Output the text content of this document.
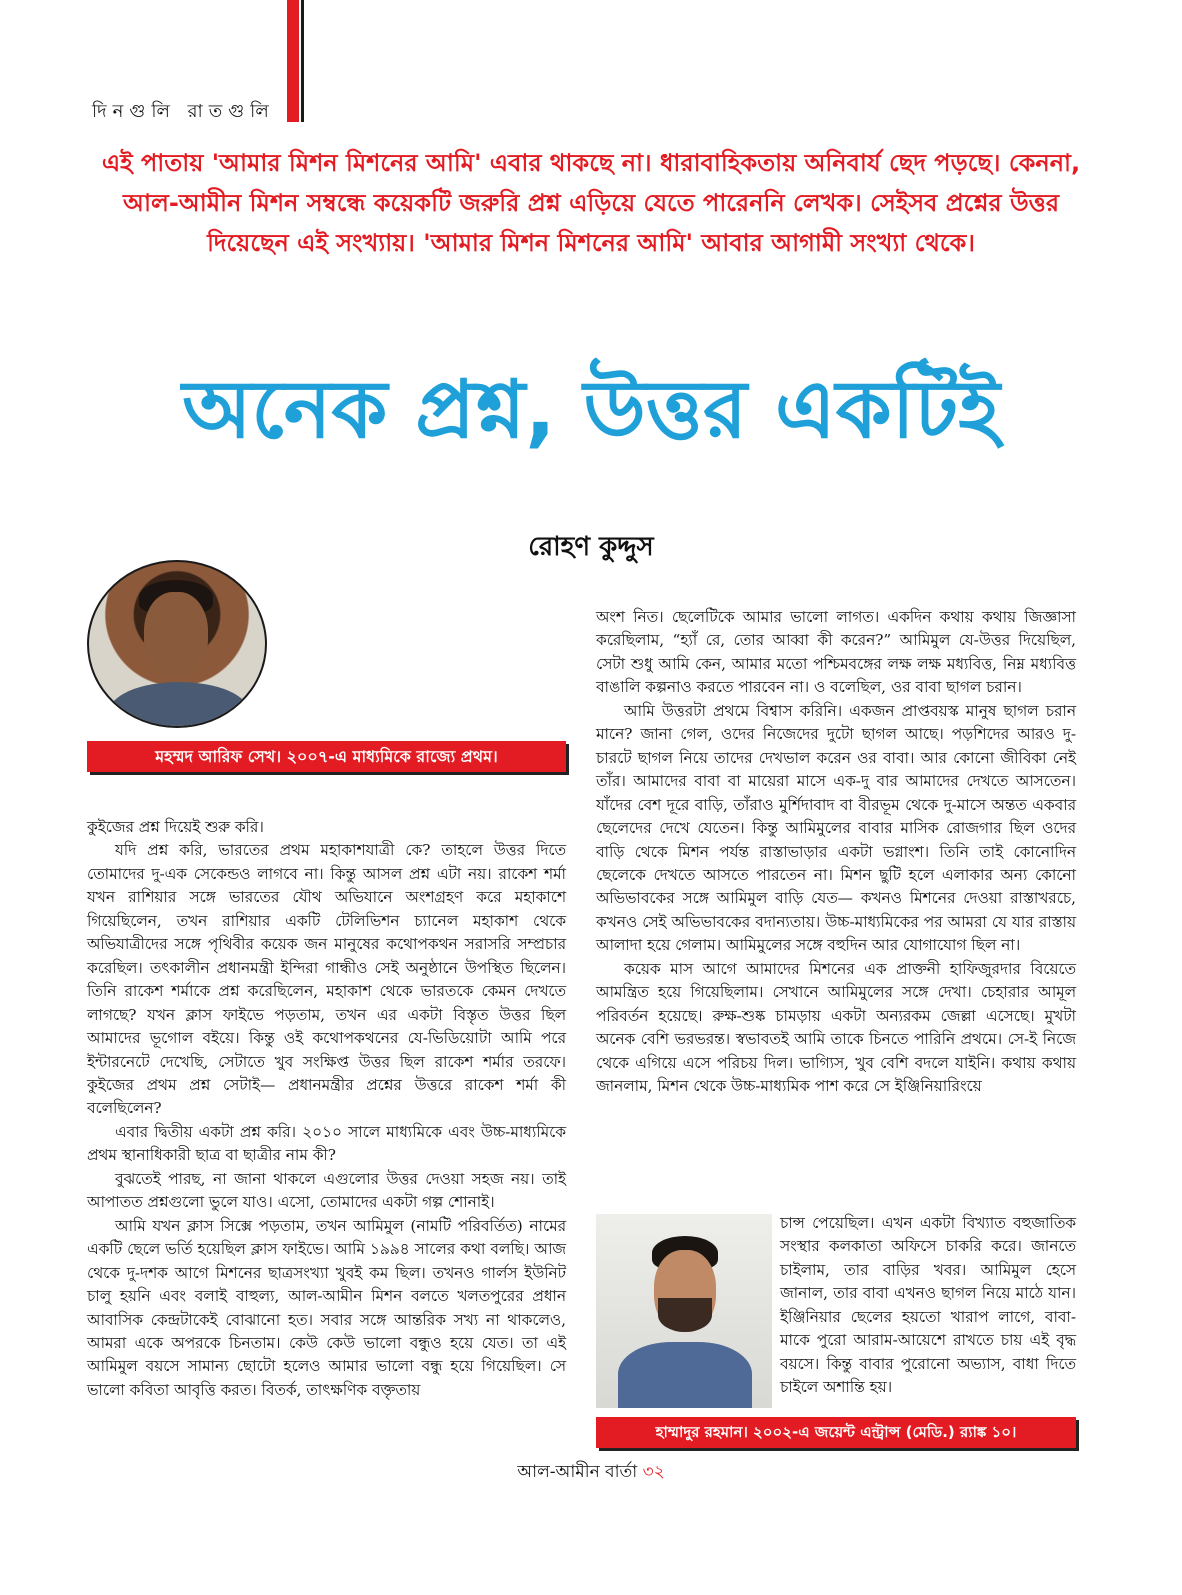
দিনগুলি রাতগুলি
এই পাতায় 'আমার মিশন মিশনের আমি' এবার থাকছে না। ধারাবাহিকতায় অনিবার্য ছেদ পড়ছে। কেননা, আল-আমীন মিশন সম্বন্ধে কয়েকটি জরুরি প্রশ্ন এড়িয়ে যেতে পারেননি লেখক। সেইসব প্রশ্নের উত্তর দিয়েছেন এই সংখ্যায়। 'আমার মিশন মিশনের আমি' আবার আগামী সংখ্যা থেকে।
অনেক প্রশ্ন, উত্তর একটিই
রোহণ কুদ্দুস
মহম্মদ আরিফ সেখ। ২০০৭-এ মাধ্যমিকে রাজ্যে প্রথম।

কুইজের প্রশ্ন দিয়েই শুরু করি।

যদি প্রশ্ন করি, ভারতের প্রথম মহাকাশযাত্রী কে? তাহলে উত্তর দিতে তোমাদের দু-এক সেকেন্ডও লাগবে না। কিন্তু আসল প্রশ্ন এটা নয়। রাকেশ শর্মা যখন রাশিয়ার সঙ্গে ভারতের যৌথ অভিযানে অংশগ্রহণ করে মহাকাশে গিয়েছিলেন, তখন রাশিয়ার একটি টেলিভিশন চ্যানেল মহাকাশ থেকে অভিযাত্রীদের সঙ্গে পৃথিবীর কয়েক জন মানুষের কথোপকথন সরাসরি সম্প্রচার করেছিল। তৎকালীন প্রধানমন্ত্রী ইন্দিরা গান্ধীও সেই অনুষ্ঠানে উপস্থিত ছিলেন। তিনি রাকেশ শর্মাকে প্রশ্ন করেছিলেন, মহাকাশ থেকে ভারতকে কেমন দেখতে লাগছে? যখন ক্লাস ফাইভে পড়তাম, তখন এর একটা বিস্তৃত উত্তর ছিল আমাদের ভূগোল বইয়ে। কিন্তু ওই কথোপকথনের যে-ভিডিয়োটা আমি পরে ইন্টারনেটে দেখেছি, সেটাতে খুব সংক্ষিপ্ত উত্তর ছিল রাকেশ শর্মার তরফে। কুইজের প্রথম প্রশ্ন সেটাই— প্রধানমন্ত্রীর প্রশ্নের উত্তরে রাকেশ শর্মা কী বলেছিলেন?

এবার দ্বিতীয় একটা প্রশ্ন করি। ২০১০ সালে মাধ্যমিকে এবং উচ্চ-মাধ্যমিকে প্রথম স্থানাধিকারী ছাত্র বা ছাত্রীর নাম কী?

বুঝতেই পারছ, না জানা থাকলে এগুলোর উত্তর দেওয়া সহজ নয়। তাই আপাতত প্রশ্নগুলো ভুলে যাও। এসো, তোমাদের একটা গল্প শোনাই।

আমি যখন ক্লাস সিক্সে পড়তাম, তখন আমিমুল (নামটি পরিবর্তিত) নামের একটি ছেলে ভর্তি হয়েছিল ক্লাস ফাইভে। আমি ১৯৯৪ সালের কথা বলছি। আজ থেকে দু-দশক আগে মিশনের ছাত্রসংখ্যা খুবই কম ছিল। তখনও গার্লস ইউনিট চালু হয়নি এবং বলাই বাহুল্য, আল-আমীন মিশন বলতে খলতপুরের প্রধান আবাসিক কেন্দ্রটাকেই বোঝানো হত। সবার সঙ্গে আন্তরিক সখ্য না থাকলেও, আমরা একে অপরকে চিনতাম। কেউ কেউ ভালো বন্ধুও হয়ে যেত। তা এই আমিমুল বয়সে সামান্য ছোটো হলেও আমার ভালো বন্ধু হয়ে গিয়েছিল। সে ভালো কবিতা আবৃত্তি করত। বিতর্ক, তাৎক্ষণিক বক্তৃতায়

অংশ নিত। ছেলেটিকে আমার ভালো লাগত। একদিন কথায় কথায় জিজ্ঞাসা করেছিলাম, “হ্যাঁ রে, তোর আব্বা কী করেন?” আমিমুল যে-উত্তর দিয়েছিল, সেটা শুধু আমি কেন, আমার মতো পশ্চিমবঙ্গের লক্ষ লক্ষ মধ্যবিত্ত, নিম্ন মধ্যবিত্ত বাঙালি কল্পনাও করতে পারবেন না। ও বলেছিল, ওর বাবা ছাগল চরান।

আমি উত্তরটা প্রথমে বিশ্বাস করিনি। একজন প্রাপ্তবয়স্ক মানুষ ছাগল চরান মানে? জানা গেল, ওদের নিজেদের দুটো ছাগল আছে। পড়শিদের আরও দু-চারটে ছাগল নিয়ে তাদের দেখভাল করেন ওর বাবা। আর কোনো জীবিকা নেই তাঁর। আমাদের বাবা বা মায়েরা মাসে এক-দু বার আমাদের দেখতে আসতেন। যাঁদের বেশ দূরে বাড়ি, তাঁরাও মুর্শিদাবাদ বা বীরভূম থেকে দু-মাসে অন্তত একবার ছেলেদের দেখে যেতেন। কিন্তু আমিমুলের বাবার মাসিক রোজগার ছিল ওদের বাড়ি থেকে মিশন পর্যন্ত রাস্তাভাড়ার একটা ভগ্নাংশ। তিনি তাই কোনোদিন ছেলেকে দেখতে আসতে পারতেন না। মিশন ছুটি হলে এলাকার অন্য কোনো অভিভাবকের সঙ্গে আমিমুল বাড়ি যেত— কখনও মিশনের দেওয়া রাস্তাখরচে, কখনও সেই অভিভাবকের বদান্যতায়। উচ্চ-মাধ্যমিকের পর আমরা যে যার রাস্তায় আলাদা হয়ে গেলাম। আমিমুলের সঙ্গে বহুদিন আর যোগাযোগ ছিল না।

কয়েক মাস আগে আমাদের মিশনের এক প্রাক্তনী হাফিজুরদার বিয়েতে আমন্ত্রিত হয়ে গিয়েছিলাম। সেখানে আমিমুলের সঙ্গে দেখা। চেহারার আমূল পরিবর্তন হয়েছে। রুক্ষ-শুষ্ক চামড়ায় একটা অন্যরকম জেল্লা এসেছে। মুখটা অনেক বেশি ভরভরন্ত। স্বভাবতই আমি তাকে চিনতে পারিনি প্রথমে। সে-ই নিজে থেকে এগিয়ে এসে পরিচয় দিল। ভাগ্যিস, খুব বেশি বদলে যাইনি। কথায় কথায় জানলাম, মিশন থেকে উচ্চ-মাধ্যমিক পাশ করে সে ইঞ্জিনিয়ারিংয়ে

চান্স পেয়েছিল। এখন একটা বিখ্যাত বহুজাতিক সংস্থার কলকাতা অফিসে চাকরি করে। জানতে চাইলাম, তার বাড়ির খবর। আমিমুল হেসে জানাল, তার বাবা এখনও ছাগল নিয়ে মাঠে যান। ইঞ্জিনিয়ার ছেলের হয়তো খারাপ লাগে, বাবা-মাকে পুরো আরাম-আয়েশে রাখতে চায় এই বৃদ্ধ বয়সে। কিন্তু বাবার পুরোনো অভ্যাস, বাধা দিতে চাইলে অশান্তি হয়।

হাম্মাদুর রহমান। ২০০২-এ জয়েন্ট এন্ট্রান্স (মেডি.) র‍্যাঙ্ক ১০।
আল-আমীন বার্তা ৩২
